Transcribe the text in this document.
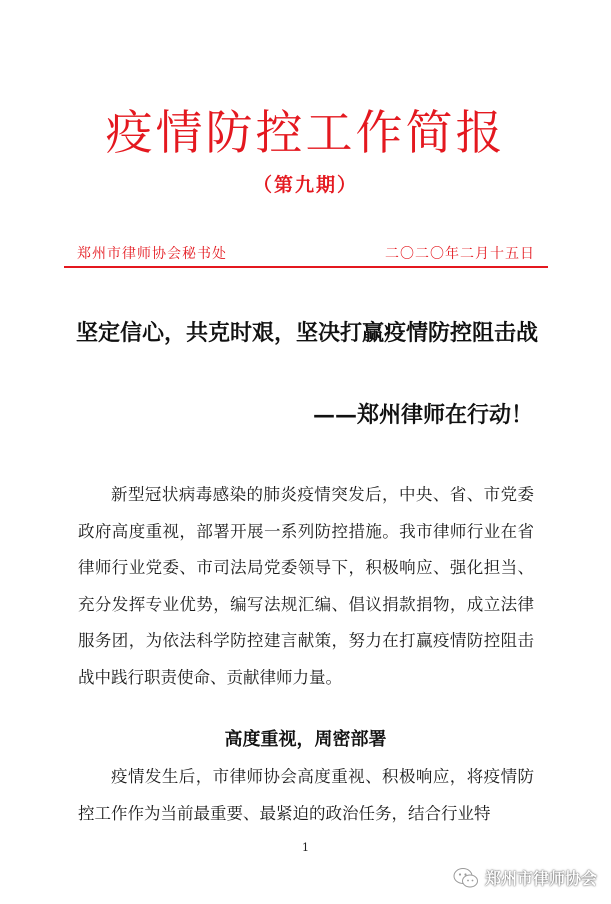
疫情防控工作简报
（第九期）
郑州市律师协会秘书处	二〇二〇年二月十五日
坚定信心，共克时艰，坚决打赢疫情防控阻击战
——郑州律师在行动！

新型冠状病毒感染的肺炎疫情突发后，中央、省、市党委政府高度重视，部署开展一系列防控措施。我市律师行业在省律师行业党委、市司法局党委领导下，积极响应、强化担当、充分发挥专业优势，编写法规汇编、倡议捐款捐物，成立法律服务团，为依法科学防控建言献策，努力在打赢疫情防控阻击战中践行职责使命、贡献律师力量。

高度重视，周密部署

疫情发生后，市律师协会高度重视、积极响应，将疫情防控工作作为当前最重要、最紧迫的政治任务，结合行业特

1
郑州市律师协会
